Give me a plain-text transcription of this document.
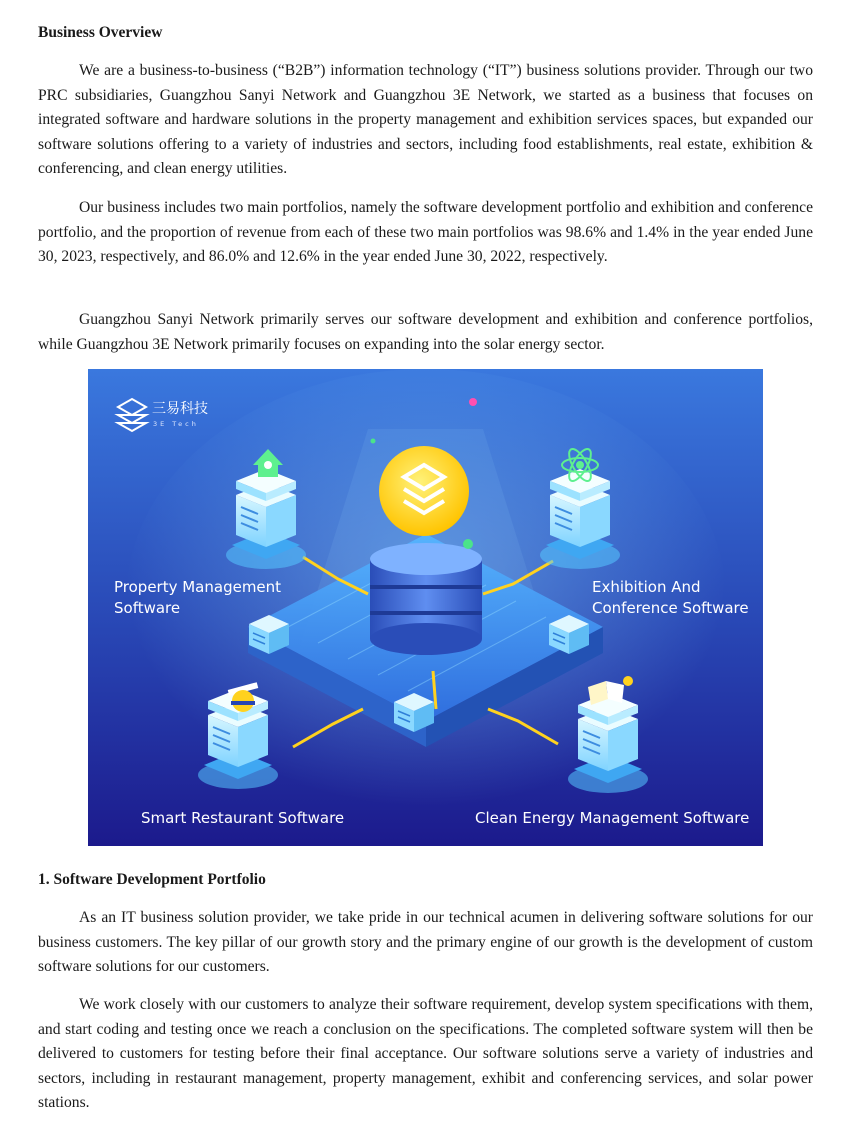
Business Overview

We are a business-to-business (“B2B”) information technology (“IT”) business solutions provider. Through our two PRC subsidiaries, Guangzhou Sanyi Network and Guangzhou 3E Network, we started as a business that focuses on integrated software and hardware solutions in the property management and exhibition services spaces, but expanded our software solutions offering to a variety of industries and sectors, including food establishments, real estate, exhibition & conferencing, and clean energy utilities.

Our business includes two main portfolios, namely the software development portfolio and exhibition and conference portfolio, and the proportion of revenue from each of these two main portfolios was 98.6% and 1.4% in the year ended June 30, 2023, respectively, and 86.0% and 12.6% in the year ended June 30, 2022, respectively.

Guangzhou Sanyi Network primarily serves our software development and exhibition and conference portfolios, while Guangzhou 3E Network primarily focuses on expanding into the solar energy sector.

三易科技
3E Tech
Property Management
Software
Exhibition And
Conference Software
Smart Restaurant Software	Clean Energy Management Software
1. Software Development Portfolio

As an IT business solution provider, we take pride in our technical acumen in delivering software solutions for our business customers. The key pillar of our growth story and the primary engine of our growth is the development of custom software solutions for our customers.

We work closely with our customers to analyze their software requirement, develop system specifications with them, and start coding and testing once we reach a conclusion on the specifications. The completed software system will then be delivered to customers for testing before their final acceptance. Our software solutions serve a variety of industries and sectors, including in restaurant management, property management, exhibit and conferencing services, and solar power stations.
